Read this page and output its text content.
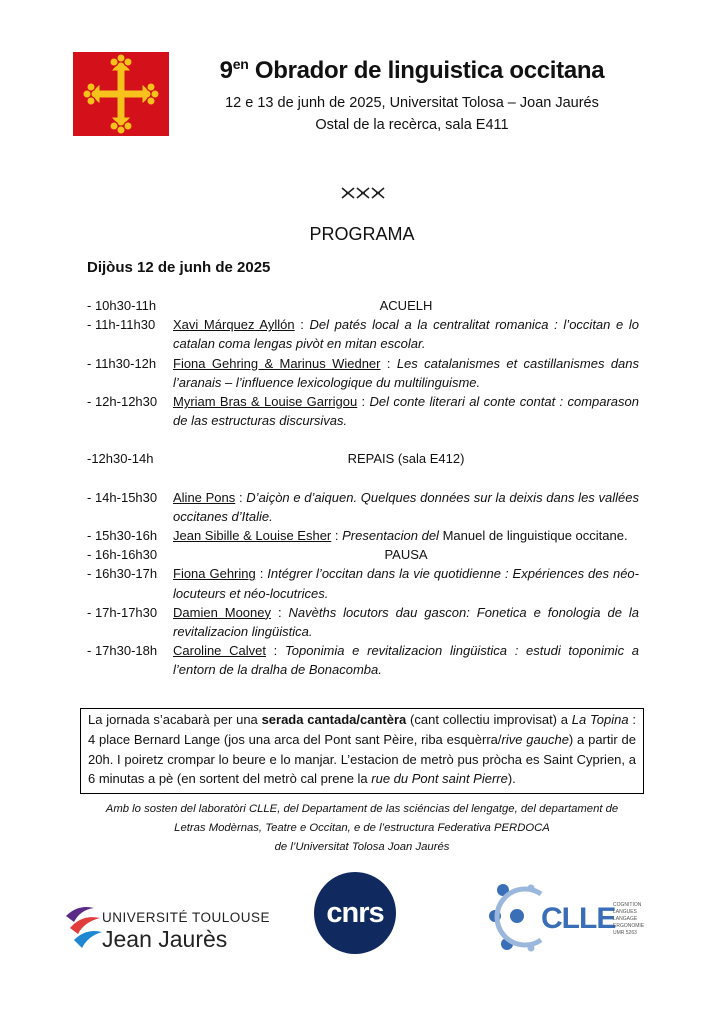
$9^{en}$ Obrador de linguistica occitana
12 e 13 de junh de 2025, Universitat Tolosa – Joan Jaurés
Ostal de la recèrca, sala E411
PROGRAMA
Dijòus 12 de junh de 2025
- 10h30-11h	ACUELH
- 11h-11h30	Xavi Márquez Ayllón : Del patés local a la centralitat romanica : l’occitan e lo catalan coma lengas pivòt en mitan escolar.
- 11h30-12h	Fiona Gehring & Marinus Wiedner : Les catalanismes et castillanismes dans l’aranais – l’influence lexicologique du multilinguisme.
- 12h-12h30	Myriam Bras & Louise Garrigou : Del conte literari al conte contat : comparason de las estructuras discursivas.
-12h30-14h	REPAIS (sala E412)
- 14h-15h30	Aline Pons : D’aiçòn e d’aiquen. Quelques données sur la deixis dans les vallées occitanes d’Italie.
- 15h30-16h	Jean Sibille & Louise Esher : Presentacion del Manuel de linguistique occitane.
- 16h-16h30	PAUSA
- 16h30-17h	Fiona Gehring : Intégrer l’occitan dans la vie quotidienne : Expériences des néo-locuteurs et néo-locutrices.
- 17h-17h30	Damien Mooney : Navèths locutors dau gascon: Fonetica e fonologia de la revitalizacion lingüistica.
- 17h30-18h	Caroline Calvet : Toponimia e revitalizacion lingüistica : estudi toponimic a l’entorn de la dralha de Bonacomba.
La jornada s’acabarà per una serada cantada/cantèra (cant collectiu improvisat) a La Topina : 4 place Bernard Lange (jos una arca del Pont sant Pèire, riba esquèrra/rive gauche) a partir de 20h. I poiretz crompar lo beure e lo manjar. L’estacion de metrò pus pròcha es Saint Cyprien, a 6 minutas a pè (en sortent del metrò cal prene la rue du Pont saint Pierre).
Amb lo sosten del laboratòri CLLE, del Departament de las sciéncias del lengatge, del departament de
Letras Modèrnas, Teatre e Occitan, e de l’estructura Federativa PERDOCA
de l’Universitat Tolosa Joan Jaurés
UNIVERSITÉ TOULOUSE
Jean Jaurès
cnrs	CLLE
COGNITION
LANGUES
LANGAGE
ERGONOMIE
UMR 5263
